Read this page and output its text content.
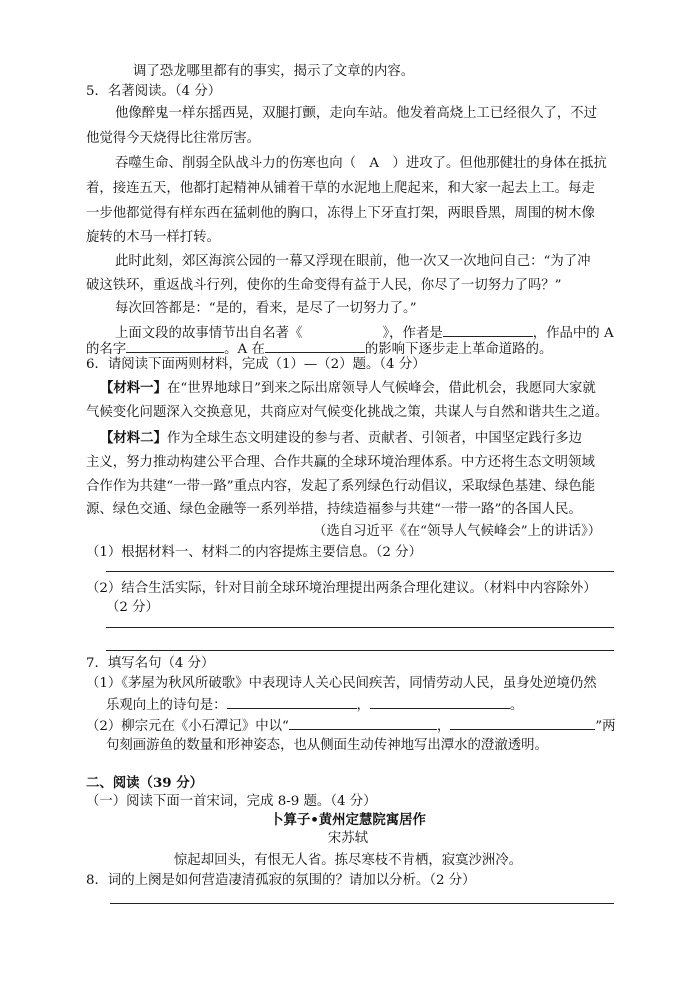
调了恐龙哪里都有的事实，揭示了文章的内容。
5．名著阅读。（4 分）
他像醉鬼一样东摇西晃，双腿打颤，走向车站。他发着高烧上工已经很久了，不过
他觉得今天烧得比往常厉害。
吞噬生命、削弱全队战斗力的伤寒也向（　A　）进攻了。但他那健壮的身体在抵抗
着，接连五天，他都打起精神从铺着干草的水泥地上爬起来，和大家一起去上工。每走
一步他都觉得有样东西在猛刺他的胸口，冻得上下牙直打架，两眼昏黑，周围的树木像
旋转的木马一样打转。
此时此刻，郊区海滨公园的一幕又浮现在眼前，他一次又一次地问自己：“为了冲
破这铁环，重返战斗行列，使你的生命变得有益于人民，你尽了一切努力了吗？”
每次回答都是：“是的，看来，是尽了一切努力了。”
上面文段的故事情节出自名著《	》，作者是	，作品中的 A
的名字	。A 在	的影响下逐步走上革命道路的。
6．请阅读下面两则材料，完成（1）—（2）题。（4 分）
【材料一】在“世界地球日”到来之际出席领导人气候峰会，借此机会，我愿同大家就
气候变化问题深入交换意见，共商应对气候变化挑战之策，共谋人与自然和谐共生之道。
【材料二】作为全球生态文明建设的参与者、贡献者、引领者，中国坚定践行多边
主义，努力推动构建公平合理、合作共赢的全球环境治理体系。中方还将生态文明领域
合作作为共建“一带一路”重点内容，发起了系列绿色行动倡议，采取绿色基建、绿色能
源、绿色交通、绿色金融等一系列举措，持续造福参与共建“一带一路”的各国人民。
（选自习近平《在“领导人气候峰会”上的讲话》）
（1）根据材料一、材料二的内容提炼主要信息。（2 分）
（2）结合生活实际，针对目前全球环境治理提出两条合理化建议。（材料中内容除外）
（2 分）
7．填写名句（4 分）
（1）《茅屋为秋风所破歌》中表现诗人关心民间疾苦，同情劳动人民，虽身处逆境仍然
乐观向上的诗句是：	，	。
（2）柳宗元在《小石潭记》中以“	，	”两
句刻画游鱼的数量和形神姿态，也从侧面生动传神地写出潭水的澄澈透明。
二、阅读（39 分）
（一）阅读下面一首宋词，完成 8-9 题。（4 分）
卜算子•黄州定慧院寓居作
宋苏轼
惊起却回头，有恨无人省。拣尽寒枝不肯栖，寂寞沙洲冷。
8．词的上阕是如何营造凄清孤寂的氛围的？请加以分析。（2 分）
